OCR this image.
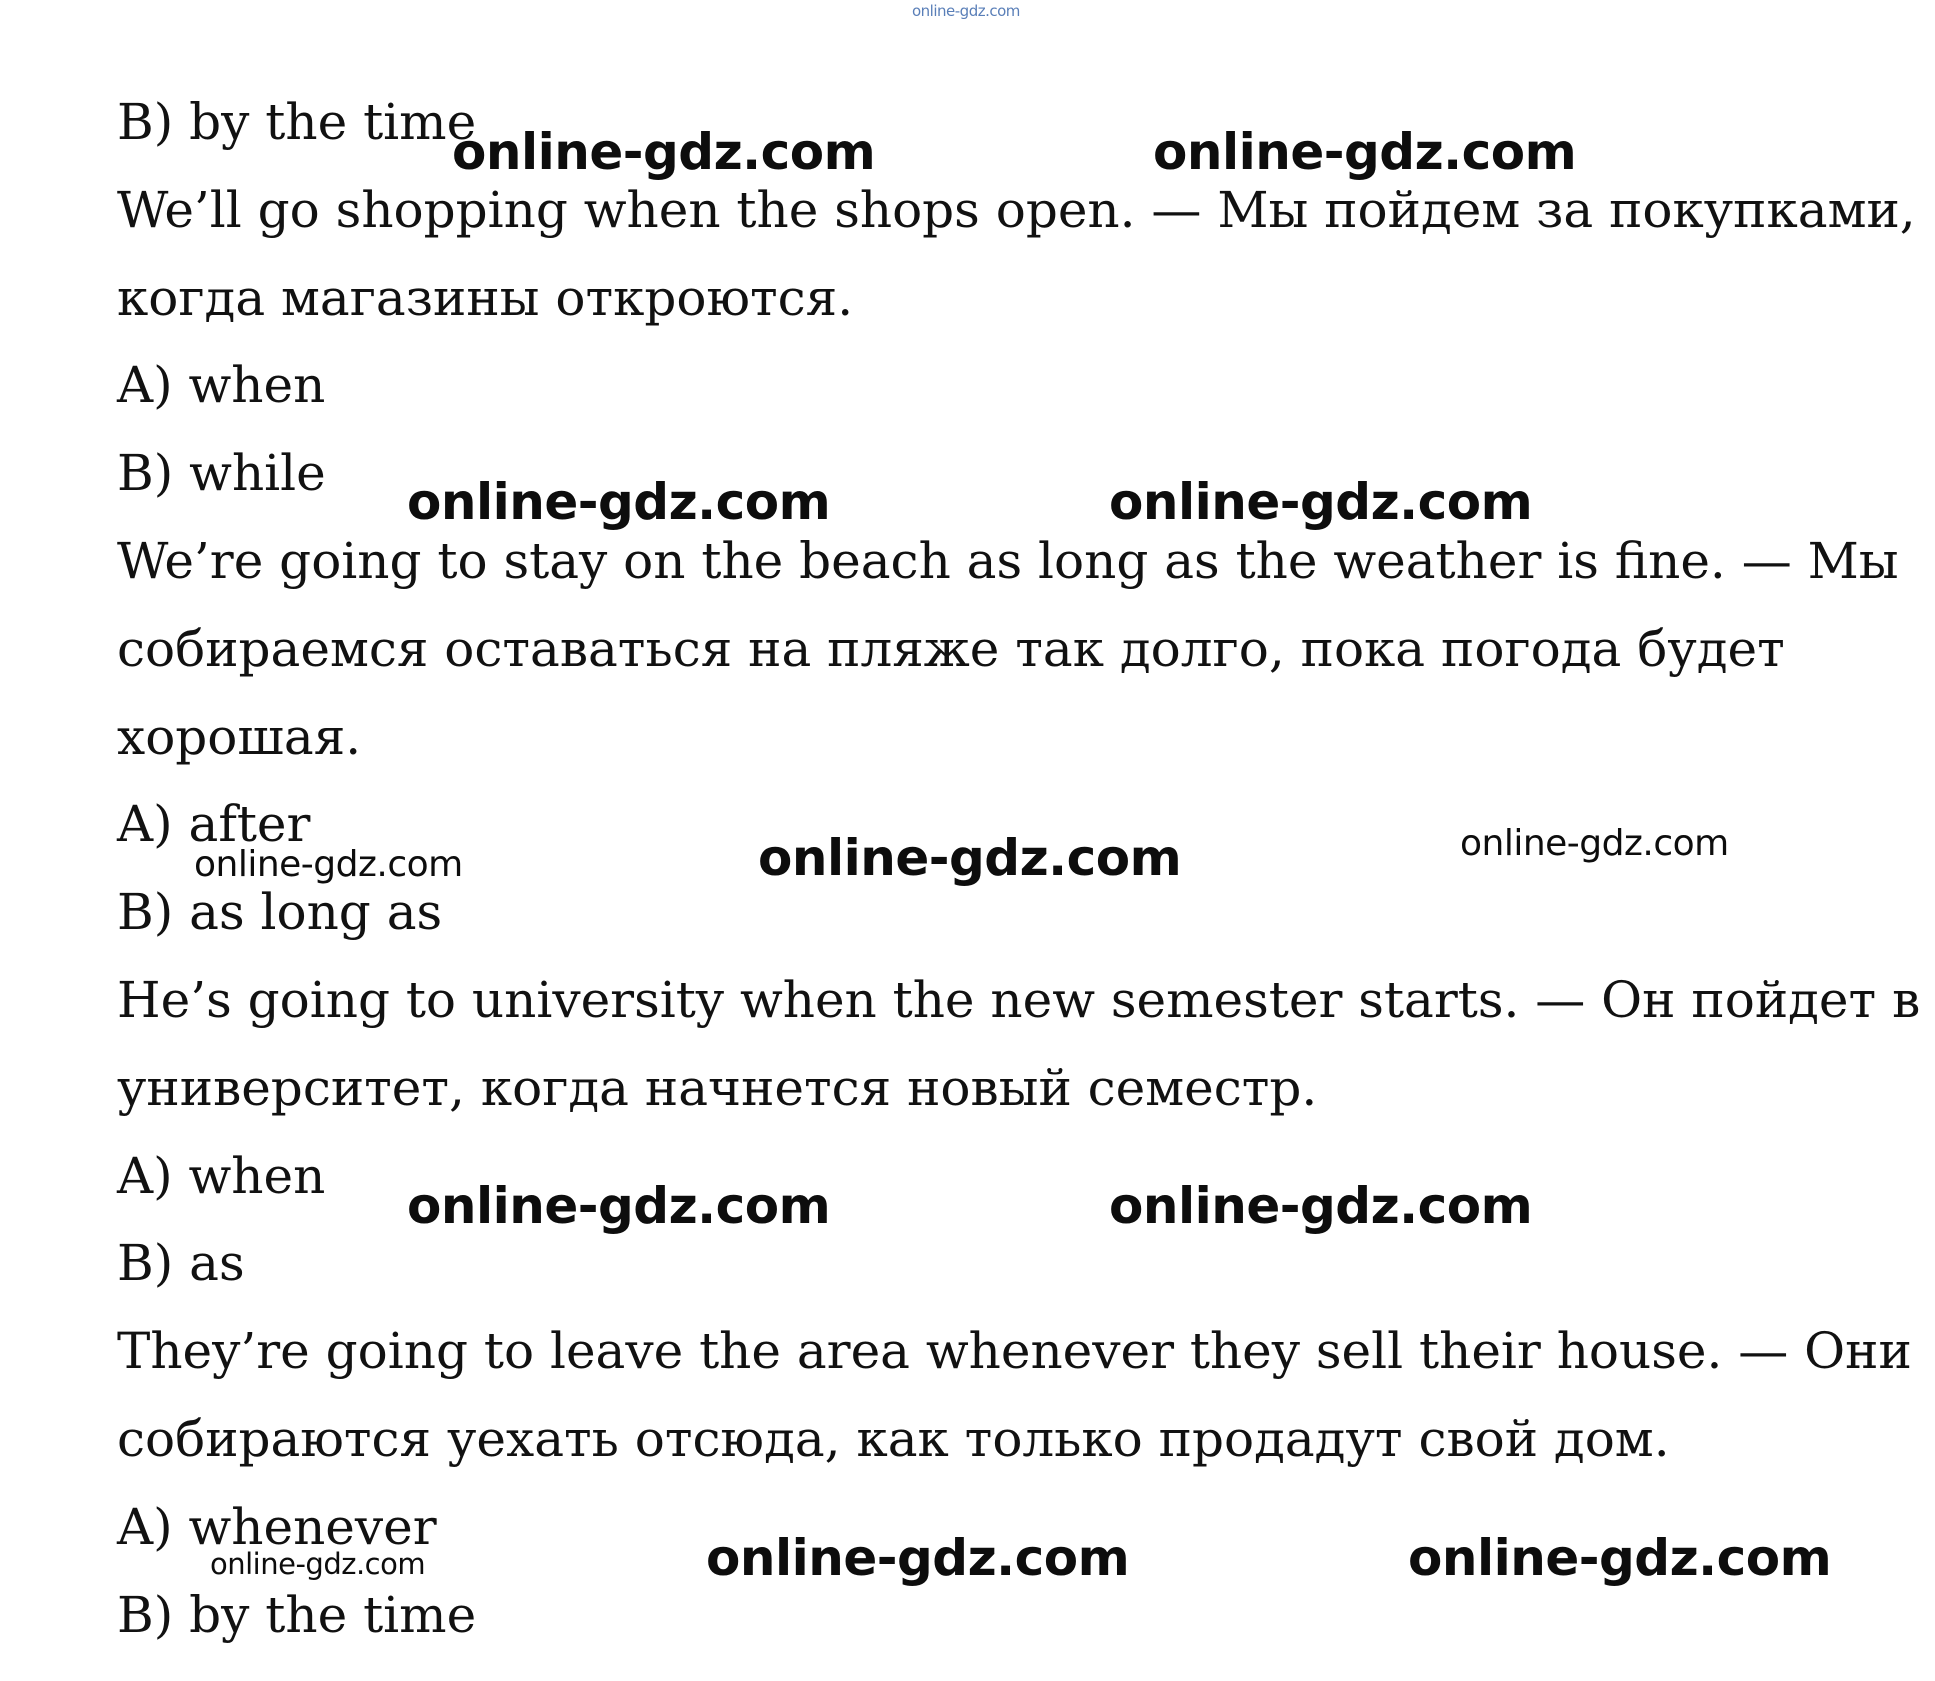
online-gdz.com
B) by the time
We’ll go shopping when the shops open. — Мы пойдем за покупками,
когда магазины откроются.
A) when
B) while
We’re going to stay on the beach as long as the weather is fine. — Мы
собираемся оставаться на пляже так долго, пока погода будет
хорошая.
A) after
B) as long as
He’s going to university when the new semester starts. — Он пойдет в
университет, когда начнется новый семестр.
A) when
B) as
They’re going to leave the area whenever they sell their house. — Они
собираются уехать отсюда, как только продадут свой дом.
A) whenever
B) by the time
online-gdz.com	online-gdz.com
online-gdz.com	online-gdz.com
online-gdz.com	online-gdz.com	online-gdz.com
online-gdz.com	online-gdz.com
online-gdz.com	online-gdz.com	online-gdz.com
